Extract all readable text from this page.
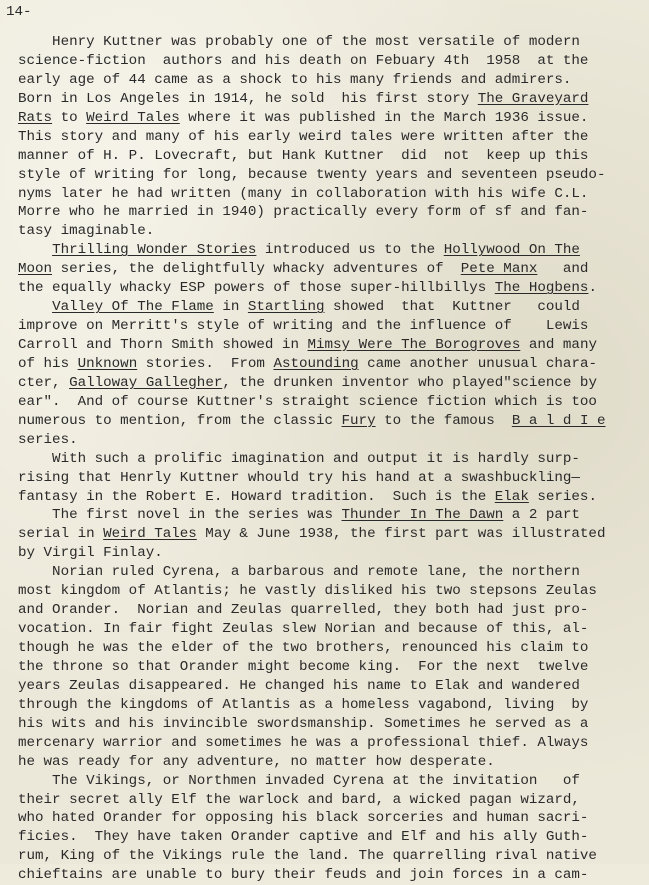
14-
Henry Kuttner was probably one of the most versatile of modern
science-fiction  authors and his death on Febuary 4th  1958  at the
early age of 44 came as a shock to his many friends and admirers.
Born in Los Angeles in 1914, he sold  his first story The Graveyard
Rats to Weird Tales where it was published in the March 1936 issue.
This story and many of his early weird tales were written after the
manner of H. P. Lovecraft, but Hank Kuttner  did  not  keep up this
style of writing for long, because twenty years and seventeen pseudo-
nyms later he had written (many in collaboration with his wife C.L.
Morre who he married in 1940) practically every form of sf and fan-
tasy imaginable.
Thrilling Wonder Stories introduced us to the Hollywood On The
Moon series, the delightfully whacky adventures of  Pete Manx   and
the equally whacky ESP powers of those super-hillbillys The Hogbens.
Valley Of The Flame in Startling showed  that  Kuttner   could
improve on Merritt's style of writing and the influence of    Lewis
Carroll and Thorn Smith showed in Mimsy Were The Borogroves and many
of his Unknown stories.  From Astounding came another unusual chara-
cter, Galloway Gallegher, the drunken inventor who played"science by
ear".  And of course Kuttner's straight science fiction which is too
numerous to mention, from the classic Fury to the famous  B a l d I e
series.
With such a prolific imagination and output it is hardly surp-
rising that Henrly Kuttner whould try his hand at a swashbuckling—
fantasy in the Robert E. Howard tradition.  Such is the Elak series.
The first novel in the series was Thunder In The Dawn a 2 part
serial in Weird Tales May & June 1938, the first part was illustrated
by Virgil Finlay.
Norian ruled Cyrena, a barbarous and remote lane, the northern
most kingdom of Atlantis; he vastly disliked his two stepsons Zeulas
and Orander.  Norian and Zeulas quarrelled, they both had just pro-
vocation. In fair fight Zeulas slew Norian and because of this, al-
though he was the elder of the two brothers, renounced his claim to
the throne so that Orander might become king.  For the next  twelve
years Zeulas disappeared. He changed his name to Elak and wandered
through the kingdoms of Atlantis as a homeless vagabond, living  by
his wits and his invincible swordsmanship. Sometimes he served as a
mercenary warrior and sometimes he was a professional thief. Always
he was ready for any adventure, no matter how desperate.
The Vikings, or Northmen invaded Cyrena at the invitation   of
their secret ally Elf the warlock and bard, a wicked pagan wizard,
who hated Orander for opposing his black sorceries and human sacri-
ficies.  They have taken Orander captive and Elf and his ally Guth-
rum, King of the Vikings rule the land. The quarrelling rival native
chieftains are unable to bury their feuds and join forces in a cam-
